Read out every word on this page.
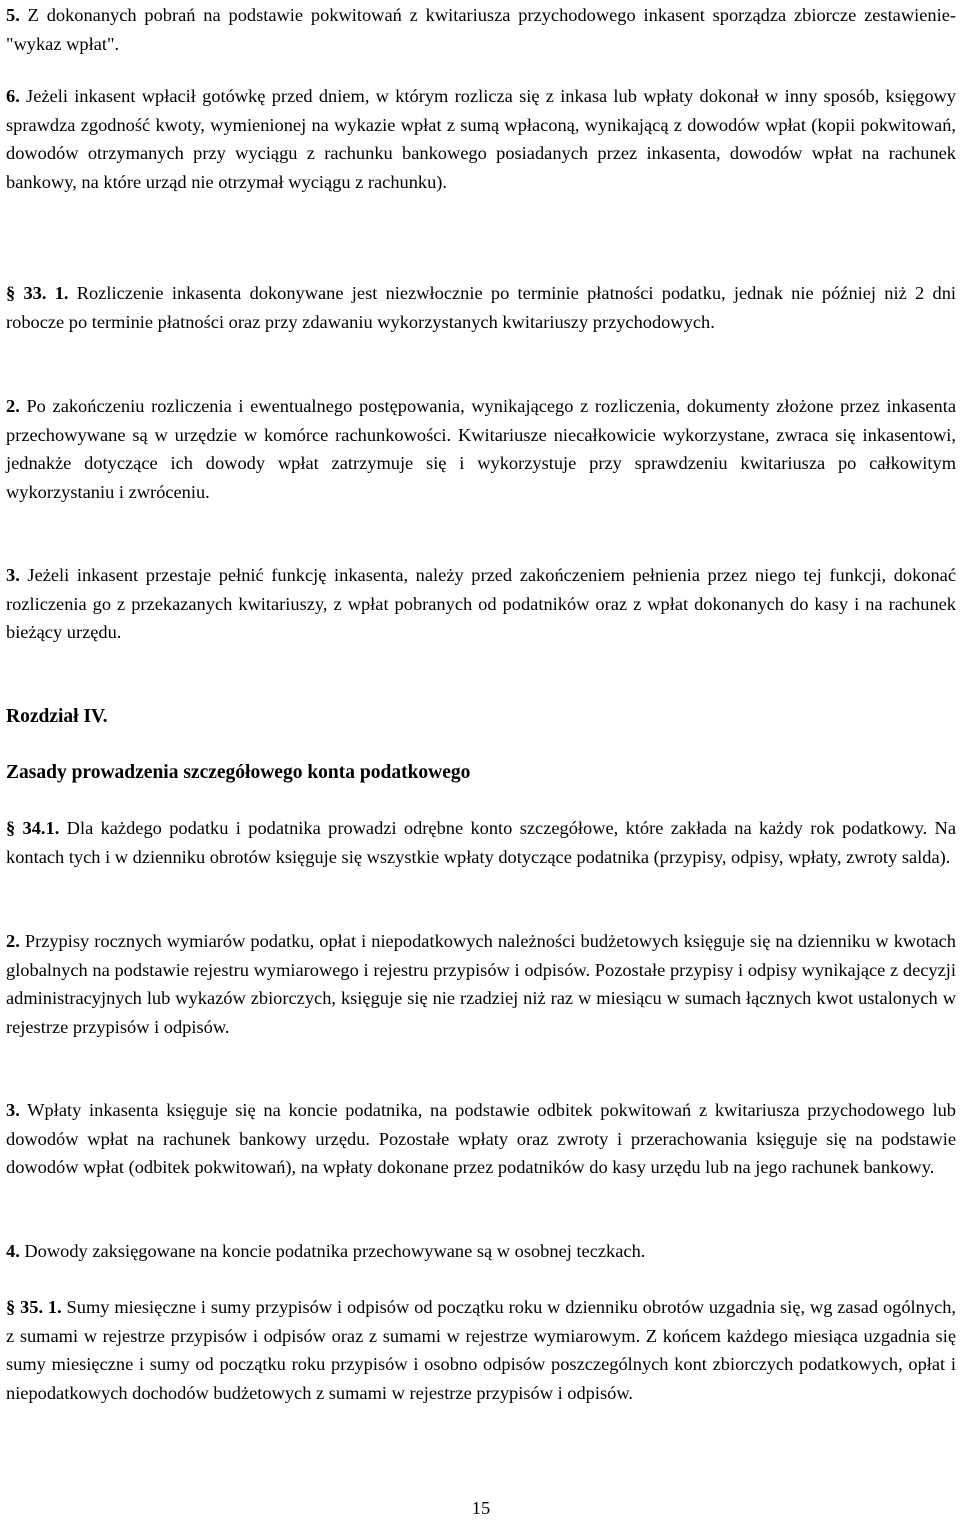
5. Z dokonanych pobrań na podstawie pokwitowań z kwitariusza przychodowego inkasent sporządza zbiorcze zestawienie- "wykaz wpłat".

6. Jeżeli inkasent wpłacił gotówkę przed dniem, w którym rozlicza się z inkasa lub wpłaty dokonał w inny sposób, księgowy sprawdza zgodność kwoty, wymienionej na wykazie wpłat z sumą wpłaconą, wynikającą z dowodów wpłat (kopii pokwitowań, dowodów otrzymanych przy wyciągu z rachunku bankowego posiadanych przez inkasenta, dowodów wpłat na rachunek bankowy, na które urząd nie otrzymał wyciągu z rachunku).

§ 33. 1. Rozliczenie inkasenta dokonywane jest niezwłocznie po terminie płatności podatku, jednak nie później niż 2 dni robocze po terminie płatności oraz przy zdawaniu wykorzystanych kwitariuszy przychodowych.

2. Po zakończeniu rozliczenia i ewentualnego postępowania, wynikającego z rozliczenia, dokumenty złożone przez inkasenta przechowywane są w urzędzie w komórce rachunkowości. Kwitariusze niecałkowicie wykorzystane, zwraca się inkasentowi, jednakże dotyczące ich dowody wpłat zatrzymuje się i wykorzystuje przy sprawdzeniu kwitariusza po całkowitym wykorzystaniu i zwróceniu.

3. Jeżeli inkasent przestaje pełnić funkcję inkasenta, należy przed zakończeniem pełnienia przez niego tej funkcji, dokonać rozliczenia go z przekazanych kwitariuszy, z wpłat pobranych od podatników oraz z wpłat dokonanych do kasy i na rachunek bieżący urzędu.

Rozdział IV.
Zasady prowadzenia szczegółowego konta podatkowego

§ 34.1. Dla każdego podatku i podatnika prowadzi odrębne konto szczegółowe, które zakłada na każdy rok podatkowy. Na kontach tych i w dzienniku obrotów księguje się wszystkie wpłaty dotyczące podatnika (przypisy, odpisy, wpłaty, zwroty salda).

2. Przypisy rocznych wymiarów podatku, opłat i niepodatkowych należności budżetowych księguje się na dzienniku w kwotach globalnych na podstawie rejestru wymiarowego i rejestru przypisów i odpisów. Pozostałe przypisy i odpisy wynikające z decyzji administracyjnych lub wykazów zbiorczych, księguje się nie rzadziej niż raz w miesiącu w sumach łącznych kwot ustalonych w rejestrze przypisów i odpisów.

3. Wpłaty inkasenta księguje się na koncie podatnika, na podstawie odbitek pokwitowań z kwitariusza przychodowego lub dowodów wpłat na rachunek bankowy urzędu. Pozostałe wpłaty oraz zwroty i przerachowania księguje się na podstawie dowodów wpłat (odbitek pokwitowań), na wpłaty dokonane przez podatników do kasy urzędu lub na jego rachunek bankowy.

4. Dowody zaksięgowane na koncie podatnika przechowywane są w osobnej teczkach.

§ 35. 1. Sumy miesięczne i sumy przypisów i odpisów od początku roku w dzienniku obrotów uzgadnia się, wg zasad ogólnych, z sumami w rejestrze przypisów i odpisów oraz z sumami w rejestrze wymiarowym. Z końcem każdego miesiąca uzgadnia się sumy miesięczne i sumy od początku roku przypisów i osobno odpisów poszczególnych kont zbiorczych podatkowych, opłat i niepodatkowych dochodów budżetowych z sumami w rejestrze przypisów i odpisów.

15
